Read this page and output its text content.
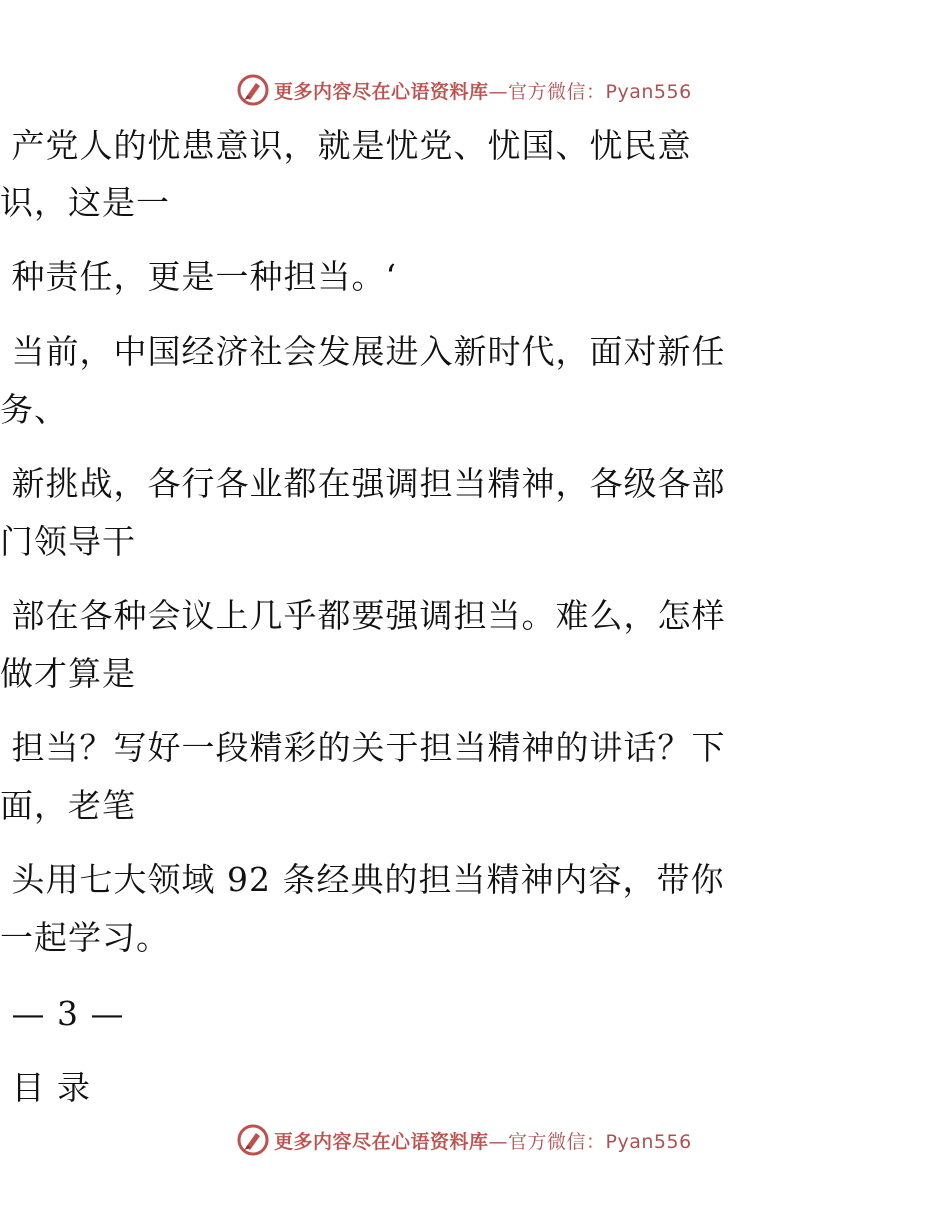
更多内容尽在心语资料库 —官方微信：Pyan556
产党人的忧患意识，就是忧党、忧国、忧民意
识，这是一
种责任，更是一种担当。‘
当前，中国经济社会发展进入新时代，面对新任
务、
新挑战，各行各业都在强调担当精神，各级各部
门领导干
部在各种会议上几乎都要强调担当。难么，怎样
做才算是
担当？写好一段精彩的关于担当精神的讲话？下
面，老笔
头用七大领域 92 条经典的担当精神内容，带你
一起学习。
— 3 —
目 录
更多内容尽在心语资料库 —官方微信：Pyan556
